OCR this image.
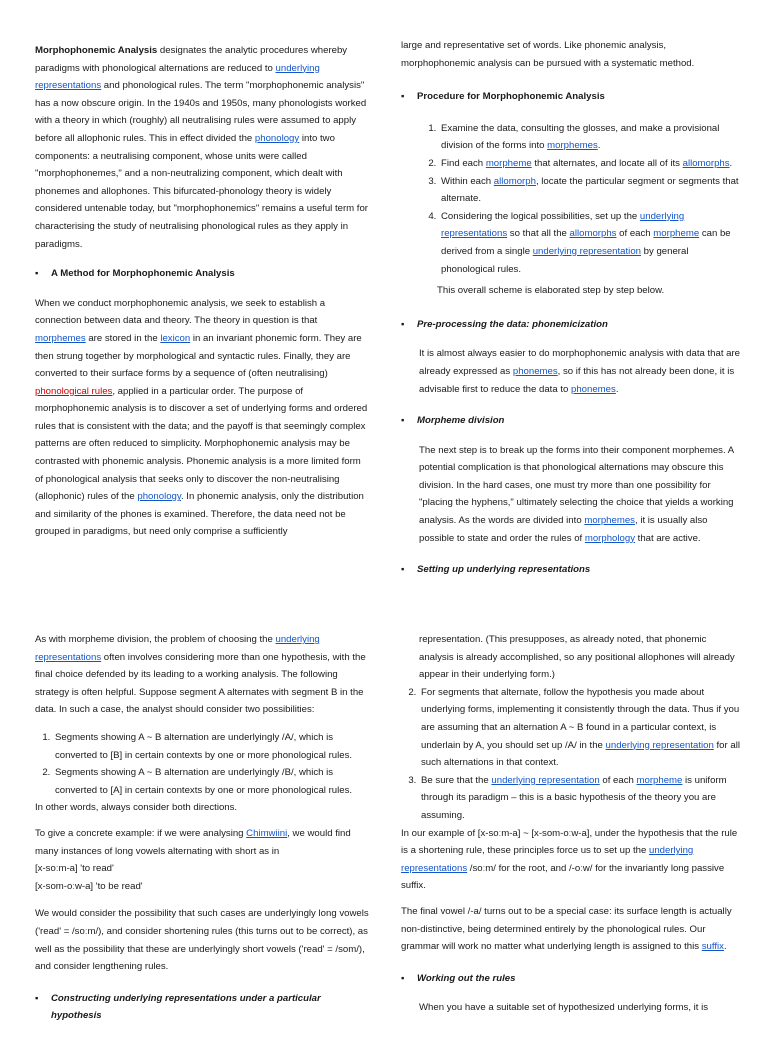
Morphophonemic Analysis designates the analytic procedures whereby paradigms with phonological alternations are reduced to underlying representations and phonological rules. The term "morphophonemic analysis" has a now obscure origin. In the 1940s and 1950s, many phonologists worked with a theory in which (roughly) all neutralising rules were assumed to apply before all allophonic rules. This in effect divided the phonology into two components: a neutralising component, whose units were called "morphophonemes," and a non-neutralizing component, which dealt with phonemes and allophones. This bifurcated-phonology theory is widely considered untenable today, but "morphophonemics" remains a useful term for characterising the study of neutralising phonological rules as they apply in paradigms.

▪	A Method for Morphophonemic Analysis

When we conduct morphophonemic analysis, we seek to establish a connection between data and theory. The theory in question is that morphemes are stored in the lexicon in an invariant phonemic form. They are then strung together by morphological and syntactic rules. Finally, they are converted to their surface forms by a sequence of (often neutralising) phonological rules, applied in a particular order. The purpose of morphophonemic analysis is to discover a set of underlying forms and ordered rules that is consistent with the data; and the payoff is that seemingly complex patterns are often reduced to simplicity. Morphophonemic analysis may be contrasted with phonemic analysis. Phonemic analysis is a more limited form of phonological analysis that seeks only to discover the non-neutralising (allophonic) rules of the phonology. In phonemic analysis, only the distribution and similarity of the phones is examined. Therefore, the data need not be grouped in paradigms, but need only comprise a sufficiently

large and representative set of words. Like phonemic analysis, morphophonemic analysis can be pursued with a systematic method.

▪	Procedure for Morphophonemic Analysis
1. Examine the data, consulting the glosses, and make a provisional division of the forms into morphemes.
2. Find each morpheme that alternates, and locate all of its allomorphs.
3. Within each allomorph, locate the particular segment or segments that alternate.
4. Considering the logical possibilities, set up the underlying representations so that all the allomorphs of each morpheme can be derived from a single underlying representation by general phonological rules.

This overall scheme is elaborated step by step below.

▪	Pre-processing the data: phonemicization

It is almost always easier to do morphophonemic analysis with data that are already expressed as phonemes, so if this has not already been done, it is advisable first to reduce the data to phonemes.

▪	Morpheme division

The next step is to break up the forms into their component morphemes. A potential complication is that phonological alternations may obscure this division. In the hard cases, one must try more than one possibility for "placing the hyphens," ultimately selecting the choice that yields a working analysis. As the words are divided into morphemes, it is usually also possible to state and order the rules of morphology that are active.

▪	Setting up underlying representations

As with morpheme division, the problem of choosing the underlying representations often involves considering more than one hypothesis, with the final choice defended by its leading to a working analysis. The following strategy is often helpful. Suppose segment A alternates with segment B in the data. In such a case, the analyst should consider two possibilities:

1. Segments showing A ~ B alternation are underlyingly /A/, which is converted to [B] in certain contexts by one or more phonological rules.
2. Segments showing A ~ B alternation are underlyingly /B/, which is converted to [A] in certain contexts by one or more phonological rules.

In other words, always consider both directions.

To give a concrete example: if we were analysing Chimwiini, we would find many instances of long vowels alternating with short as in

[x-soːm-a] 'to read'
[x-som-oːw-a] 'to be read'

We would consider the possibility that such cases are underlyingly long vowels ('read' = /soːm/), and consider shortening rules (this turns out to be correct), as well as the possibility that these are underlyingly short vowels ('read' = /som/), and consider lengthening rules.

▪	Constructing underlying representations under a particular hypothesis

representation. (This presupposes, as already noted, that phonemic analysis is already accomplished, so any positional allophones will already appear in their underlying form.)

2. For segments that alternate, follow the hypothesis you made about underlying forms, implementing it consistently through the data. Thus if you are assuming that an alternation A ~ B found in a particular context, is underlain by A, you should set up /A/ in the underlying representation for all such alternations in that context.
3. Be sure that the underlying representation of each morpheme is uniform through its paradigm – this is a basic hypothesis of the theory you are assuming.

In our example of [x-soːm-a] ~ [x-som-oːw-a], under the hypothesis that the rule is a shortening rule, these principles force us to set up the underlying representations /soːm/ for the root, and /-oːw/ for the invariantly long passive suffix.

The final vowel /-a/ turns out to be a special case: its surface length is actually non-distinctive, being determined entirely by the phonological rules. Our grammar will work no matter what underlying length is assigned to this suffix.

▪	Working out the rules

When you have a suitable set of hypothesized underlying forms, it is
